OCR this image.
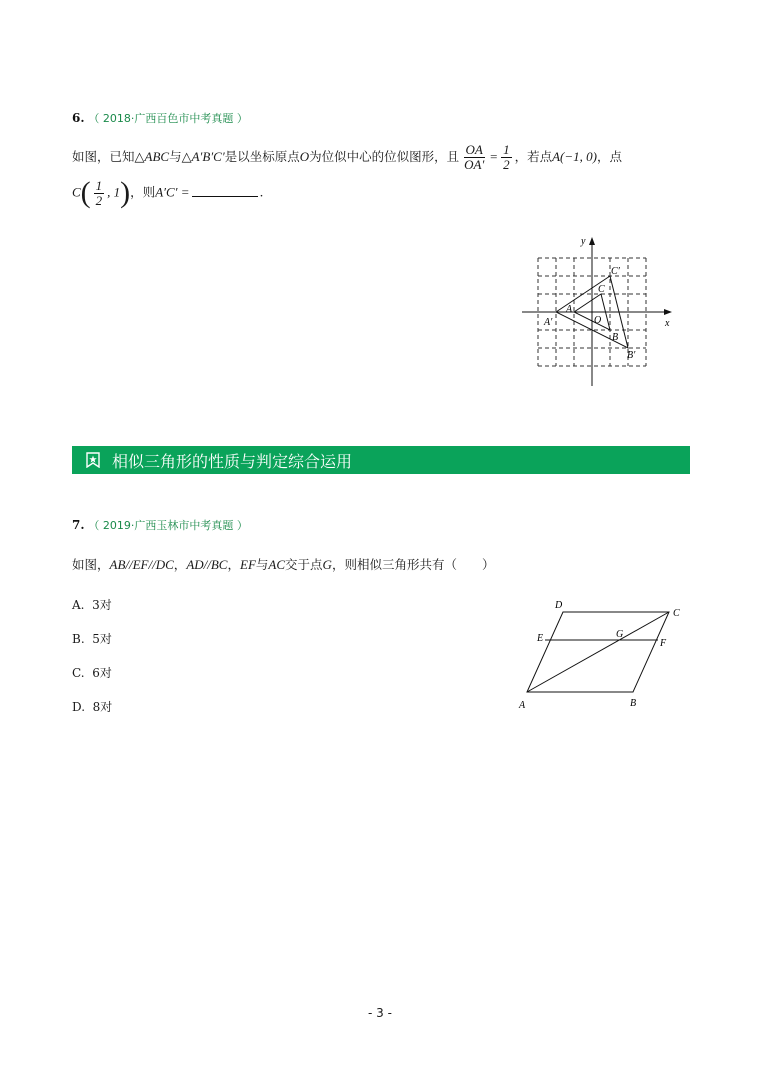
6. （ 2018·广西百色市中考真题 ）
如图，已知△ABC与△A′B′C′是以坐标原点O为位似中心的位似图形，且 $\frac{OA}{OA'} = \frac{1}{2}$ ，若点A(−1, 0)，点
$C( \frac{1}{2}$ , 1)，则A′C′ =	.
y
x
C′
C
A
A′	O
B
B′
相似三角形的性质与判定综合运用
7. （ 2019·广西玉林市中考真题 ）
如图，AB//EF//DC，AD//BC，EF与AC交于点G，则相似三角形共有（　　）
A. 3对
B. 5对
C. 6对
D. 8对
D
C
E	G
F
A	B
- 3 -
